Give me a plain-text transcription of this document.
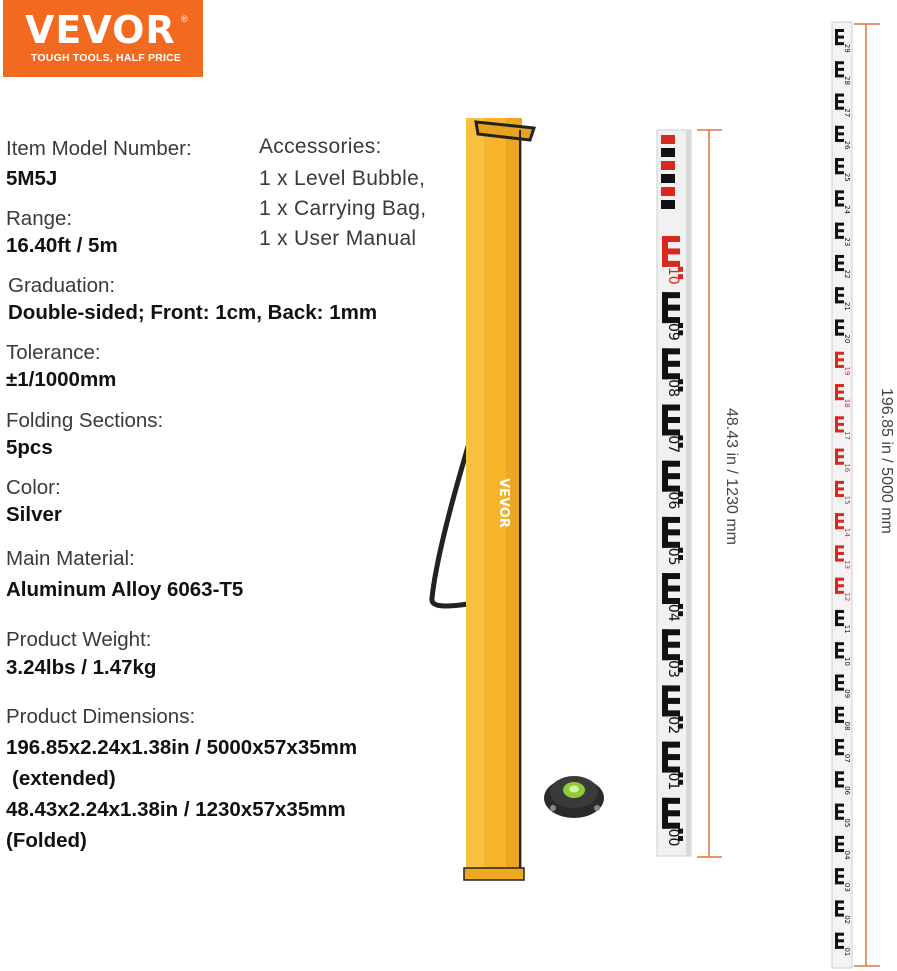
VEVOR ®
TOUGH TOOLS, HALF PRICE
Item Model Number:
5M5J
Range:
16.40ft / 5m
Graduation:
Double-sided; Front: 1cm, Back: 1mm
Tolerance:
±1/1000mm
Folding Sections:
5pcs
Color:
Silver
Main Material:
Aluminum Alloy 6063-T5
Product Weight:
3.24lbs / 1.47kg
Product Dimensions:
196.85x2.24x1.38in / 5000x57x35mm
(extended)
48.43x2.24x1.38in / 1230x57x35mm
(Folded)
Accessories:
1 x Level Bubble,
1 x Carrying Bag,
1 x User Manual
VEVOR
10
09
08
07
06
05
04
03
02
01
00
29
28
27
26
25
24
23
22
21
20
19
18
17
16
15
14
13
12
11
10
09
08
07
06
05
04
03
02
01
48.43 in / 1230 mm	196.85 in / 5000 mm
